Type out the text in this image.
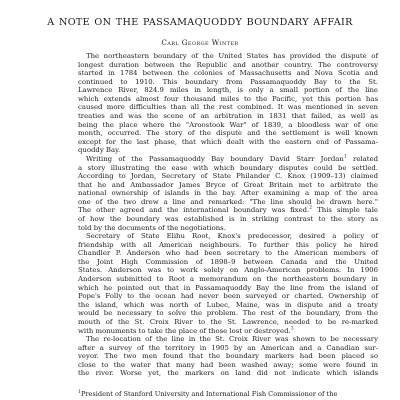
A NOTE ON THE PASSAMAQUODDY BOUNDARY AFFAIR
Carl George Winter
The northeastern boundary of the United States has provided the dispute of
longest duration between the Republic and another country. The controversy
started in 1784 between the colonies of Massachusetts and Nova Scotia and
continued to 1910. This boundary from Passamaquoddy Bay to the St.
Lawrence River, 824.9 miles in length, is only a small portion of the line
which extends almost four thousand miles to the Pacific, yet this portion has
caused more difficulties than all the rest combined. It was mentioned in seven
treaties and was the scene of an arbitration in 1831 that failed, as well as
being the place where the "Aroostook War" of 1839, a bloodless war of one
month, occurred. The story of the dispute and the settlement is well known
except for the last phase, that which dealt with the eastern end of Passama-
quoddy Bay.
Writing of the Passamaquoddy Bay boundary David Starr Jordan$^1$ related
a story illustrating the ease with which boundary disputes could be settled.
According to Jordan, Secretary of State Philander C. Knox (1909–13) claimed
that he and Ambassador James Bryce of Great Britain met to arbitrate the
national ownership of islands in the bay. After examining a map of the area
one of the two drew a line and remarked: "The line should be drawn here."
The other agreed and the international boundary was fixed.$^2$ This simple tale
of how the boundary was established is in striking contrast to the story as
told by the documents of the negotiations.
Secretary of State Elihu Root, Knox's predecessor, desired a policy of
friendship with all American neighbours. To further this policy he hired
Chandler P. Anderson who had been secretary to the American members of
the Joint High Commission of 1898–9 between Canada and the United
States. Anderson was to work solely on Anglo-American problems. In 1906
Anderson submitted to Root a memorandum on the northeastern boundary in
which he pointed out that in Passamaquoddy Bay the line from the island of
Pope's Folly to the ocean had never been surveyed or charted. Ownership of
the island, which was north of Lubec, Maine, was in dispute and a treaty
would be necessary to solve the problem. The rest of the boundary, from the
mouth of the St. Croix River to the St. Lawrence, needed to be re-marked
with monuments to take the place of those lost or destroyed.$^3$
The re-location of the line in the St. Croix River was shown to be necessary
after a survey of the territory in 1905 by an American and a Canadian sur-
veyor. The two men found that the boundary markers had been placed so
close to the water that many had been washed away; some were found in
the river. Worse yet, the markers on land did not indicate which islands
$^1$President of Stanford University and International Fish Commissioner of the
